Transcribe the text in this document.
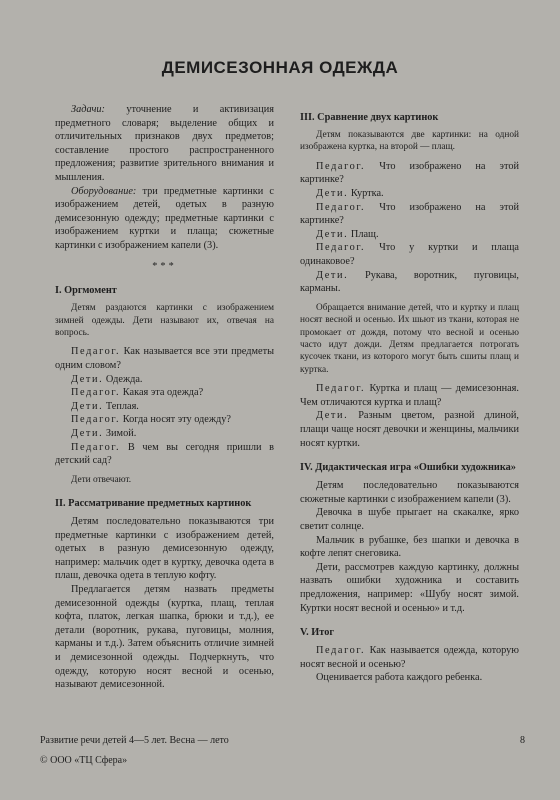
ДЕМИСЕЗОННАЯ ОДЕЖДА

Задачи: уточнение и активизация предметного словаря; выделение общих и отличительных признаков двух предметов; составление простого распространенного предложения; развитие зрительного внимания и мышления.

Оборудование: три предметные картинки с изображением детей, одетых в разную демисезонную одежду; предметные картинки с изображением куртки и плаща; сюжетные картинки с изображением капели (3).

***
I. Оргмомент

Детям раздаются картинки с изображением зимней одежды. Дети называют их, отвечая на вопрось.

Педагог. Как называется все эти предметы одним словом?

Дети. Одежда.

Педагог. Какая эта одежда?

Дети. Теплая.

Педагог. Когда носят эту одежду?

Дети. Зимой.

Педагог. В чем вы сегодня пришли в детский сад?

Дети отвечают.

II. Рассматривание предметных картинок

Детям последовательно показываются три предметные картинки с изображением детей, одетых в разную демисезонную одежду, например: мальчик одет в куртку, девочка одета в плаш, девочка одета в теплую кофту.

Предлагается детям назвать предметы демисезонной одежды (куртка, плащ, теплая кофта, платок, легкая шапка, брюки и т.д.), ее детали (воротник, рукава, пуговицы, молния, карманы и т.д.). Затем объяснить отличие зимней и демисезонной одежды. Подчеркнуть, что одежду, которую носят весной и осенью, называют демисезонной.

III. Сравнение двух картинок

Детям показываются две картинки: на одной изображена куртка, на второй — плащ.

Педагог. Что изображено на этой картинке?

Дети. Куртка.

Педагог. Что изображено на этой картинке?

Дети. Плащ.

Педагог. Что у куртки и плаща одинаковое?

Дети. Рукава, воротник, пуговицы, карманы.

Обращается внимание детей, что и куртку и плащ носят весной и осенью. Их шьют из ткани, которая не промокает от дождя, потому что весной и осенью часто идут дожди. Детям предлагается потрогать кусочек ткани, из которого могут быть сшиты плащ и куртка.

Педагог. Куртка и плащ — демисезонная. Чем отличаются куртка и плащ?

Дети. Разным цветом, разной длиной, плащи чаще носят девочки и женщины, мальчики носят куртки.

IV. Дидактическая игра «Ошибки художника»

Детям последовательно показываются сюжетные картинки с изображением капели (3).

Девочка в шубе прыгает на скакалке, ярко светит солнце.

Мальчик в рубашке, без шапки и девочка в кофте лепят снеговика.

Дети, рассмотрев каждую картинку, должны назвать ошибки художника и составить предложения, например: «Шубу носят зимой. Куртки носят весной и осенью» и т.д.

V. Итог

Педагог. Как называется одежда, которую носят весной и осенью?

Оценивается работа каждого ребенка.

Развитие речи детей 4—5 лет. Весна — лето	8
© ООО «ТЦ Сфера»
